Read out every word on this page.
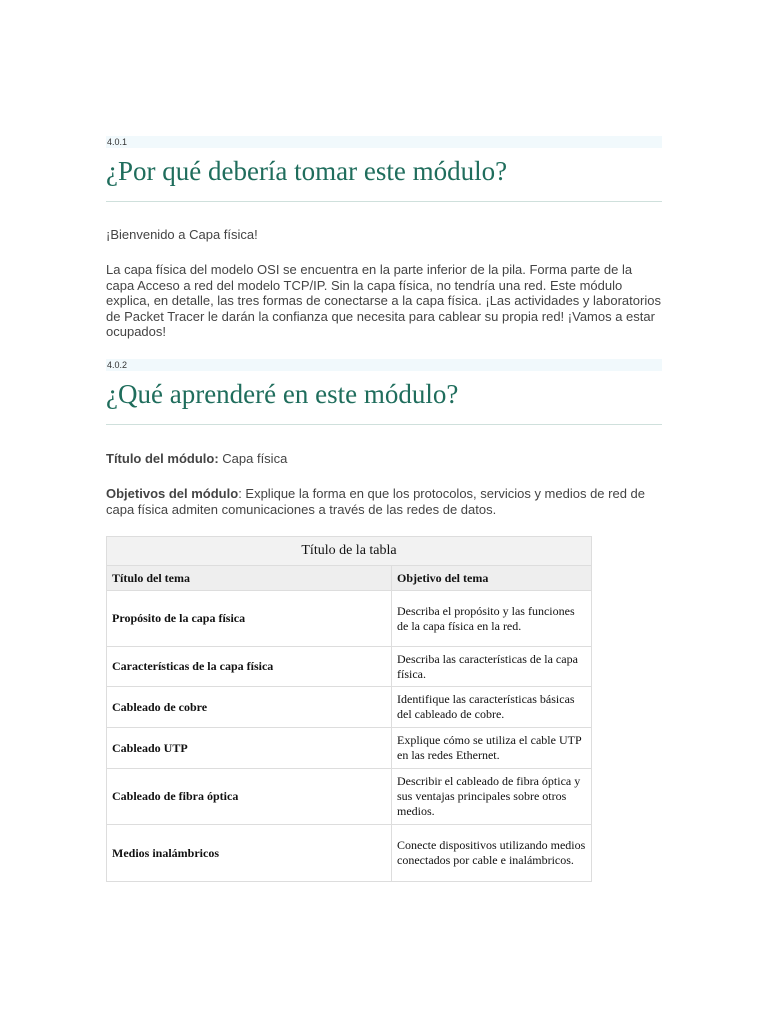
4.0.1
¿Por qué debería tomar este módulo?

¡Bienvenido a Capa física!

La capa física del modelo OSI se encuentra en la parte inferior de la pila. Forma parte de la capa Acceso a red del modelo TCP/IP. Sin la capa física, no tendría una red. Este módulo explica, en detalle, las tres formas de conectarse a la capa física. ¡Las actividades y laboratorios de Packet Tracer le darán la confianza que necesita para cablear su propia red! ¡Vamos a estar ocupados!

4.0.2
¿Qué aprenderé en este módulo?

Título del módulo: Capa física

Objetivos del módulo: Explique la forma en que los protocolos, servicios y medios de red de capa física admiten comunicaciones a través de las redes de datos.

Título de la tabla	
Título del tema	Objetivo del tema
Propósito de la capa física	Describa el propósito y las funciones de la capa física en la red.
Características de la capa física	Describa las características de la capa física.
Cableado de cobre	Identifique las características básicas del cableado de cobre.
Cableado UTP	Explique cómo se utiliza el cable UTP en las redes Ethernet.
Cableado de fibra óptica	Describir el cableado de fibra óptica y sus ventajas principales sobre otros medios.
Medios inalámbricos	Conecte dispositivos utilizando medios conectados por cable e inalámbricos.
